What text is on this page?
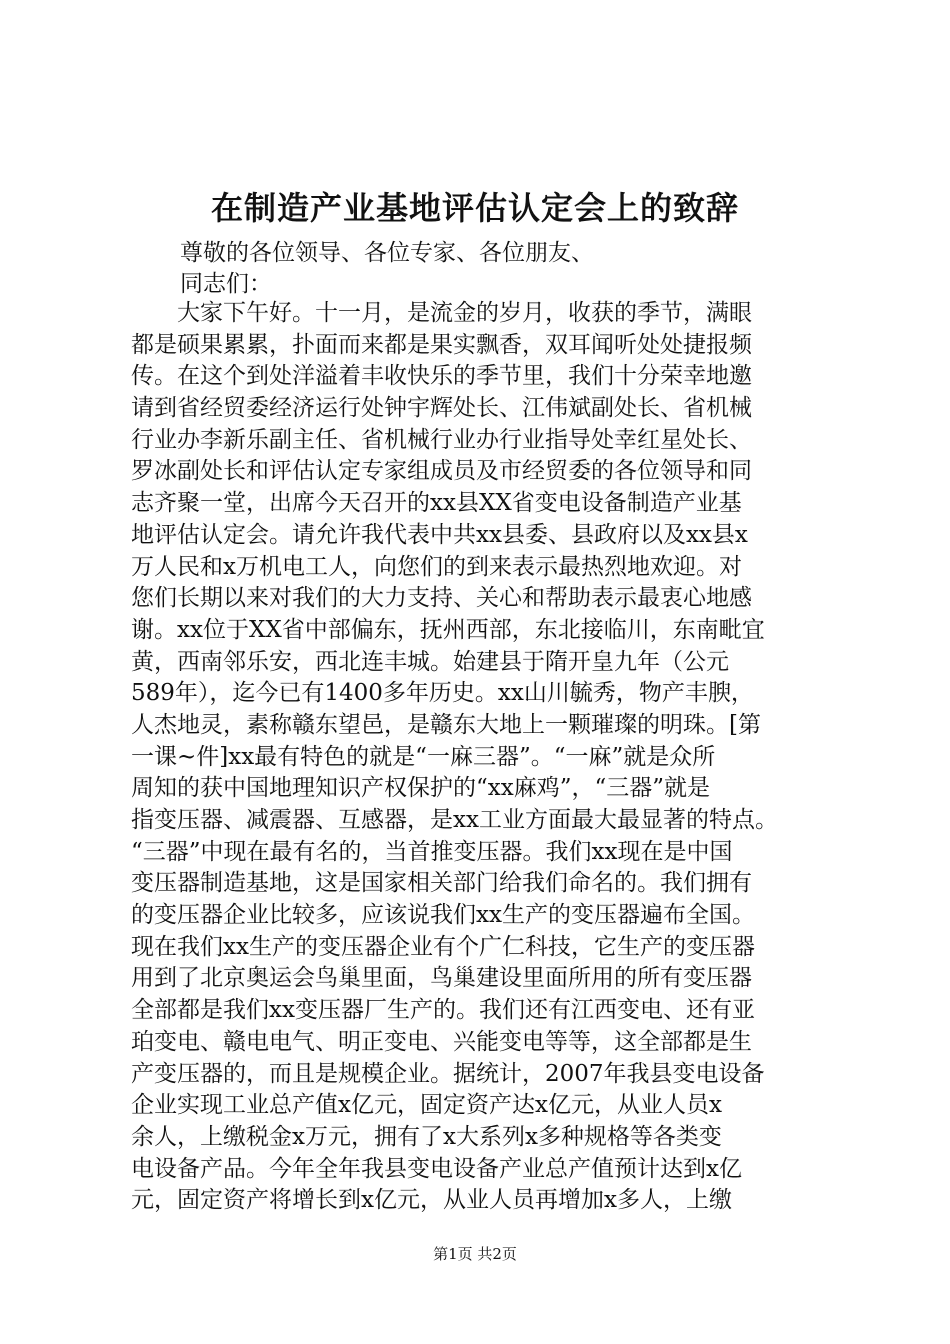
在制造产业基地评估认定会上的致辞
尊敬的各位领导、各位专家、各位朋友、
同志们：
大家下午好。十一月，是流金的岁月，收获的季节，满眼
都是硕果累累，扑面而来都是果实飘香，双耳闻听处处捷报频
传。在这个到处洋溢着丰收快乐的季节里，我们十分荣幸地邀
请到省经贸委经济运行处钟宇辉处长、江伟斌副处长、省机械
行业办李新乐副主任、省机械行业办行业指导处幸红星处长、
罗冰副处长和评估认定专家组成员及市经贸委的各位领导和同
志齐聚一堂，出席今天召开的xx县XX省变电设备制造产业基
地评估认定会。请允许我代表中共xx县委、县政府以及xx县x
万人民和x万机电工人，向您们的到来表示最热烈地欢迎。对
您们长期以来对我们的大力支持、关心和帮助表示最衷心地感
谢。xx位于XX省中部偏东，抚州西部，东北接临川，东南毗宜
黄，西南邻乐安，西北连丰城。始建县于隋开皇九年（公元
589年），迄今已有1400多年历史。xx山川毓秀，物产丰腴，
人杰地灵，素称赣东望邑，是赣东大地上一颗璀璨的明珠。[第
一课~件]xx最有特色的就是“一麻三器”。“一麻”就是众所
周知的获中国地理知识产权保护的“xx麻鸡”，“三器”就是
指变压器、减震器、互感器，是xx工业方面最大最显著的特点。
“三器”中现在最有名的，当首推变压器。我们xx现在是中国
变压器制造基地，这是国家相关部门给我们命名的。我们拥有
的变压器企业比较多，应该说我们xx生产的变压器遍布全国。
现在我们xx生产的变压器企业有个广仁科技，它生产的变压器
用到了北京奥运会鸟巢里面，鸟巢建设里面所用的所有变压器
全部都是我们xx变压器厂生产的。我们还有江西变电、还有亚
珀变电、赣电电气、明正变电、兴能变电等等，这全部都是生
产变压器的，而且是规模企业。据统计，2007年我县变电设备
企业实现工业总产值x亿元，固定资产达x亿元，从业人员x
余人，上缴税金x万元，拥有了x大系列x多种规格等各类变
电设备产品。今年全年我县变电设备产业总产值预计达到x亿
元，固定资产将增长到x亿元，从业人员再增加x多人，上缴
第1页 共2页
